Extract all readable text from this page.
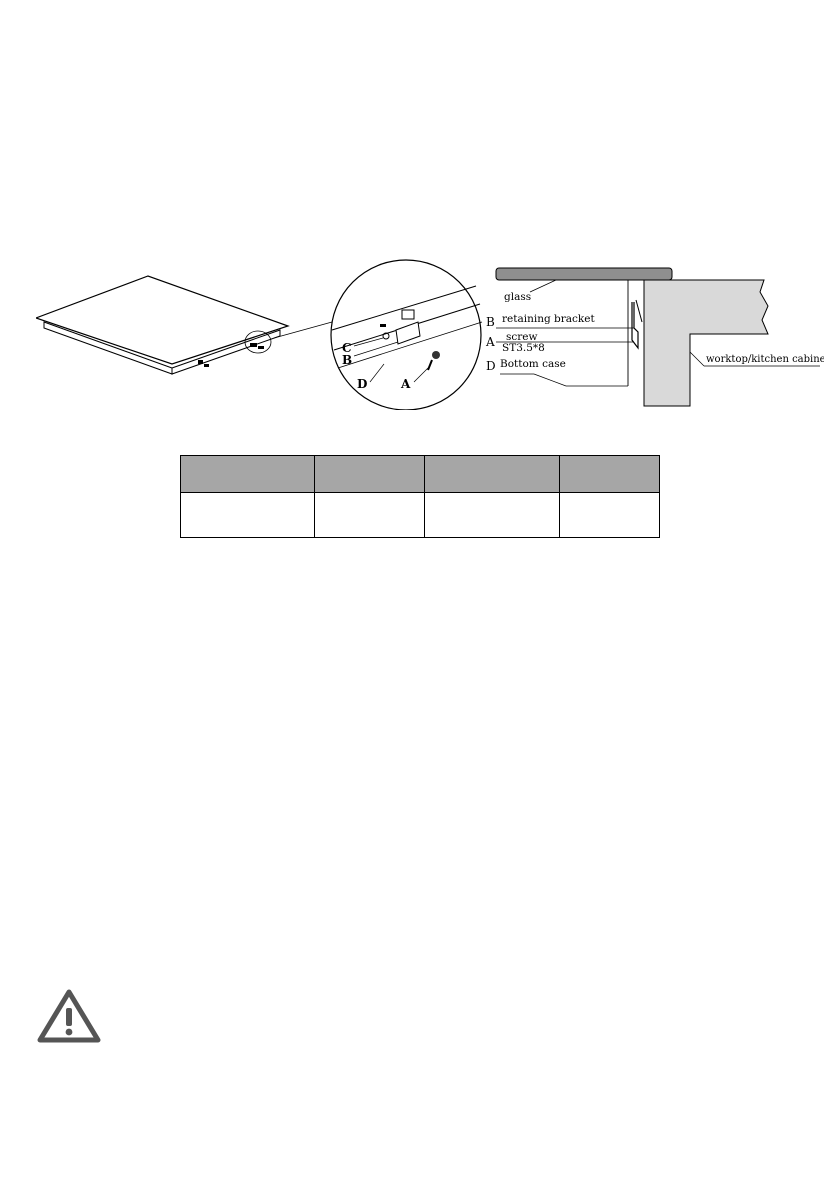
C
B
D	A
glass
B retaining bracket
A screw
ST3.5*8
D Bottom case	worktop/kitchen cabinet
